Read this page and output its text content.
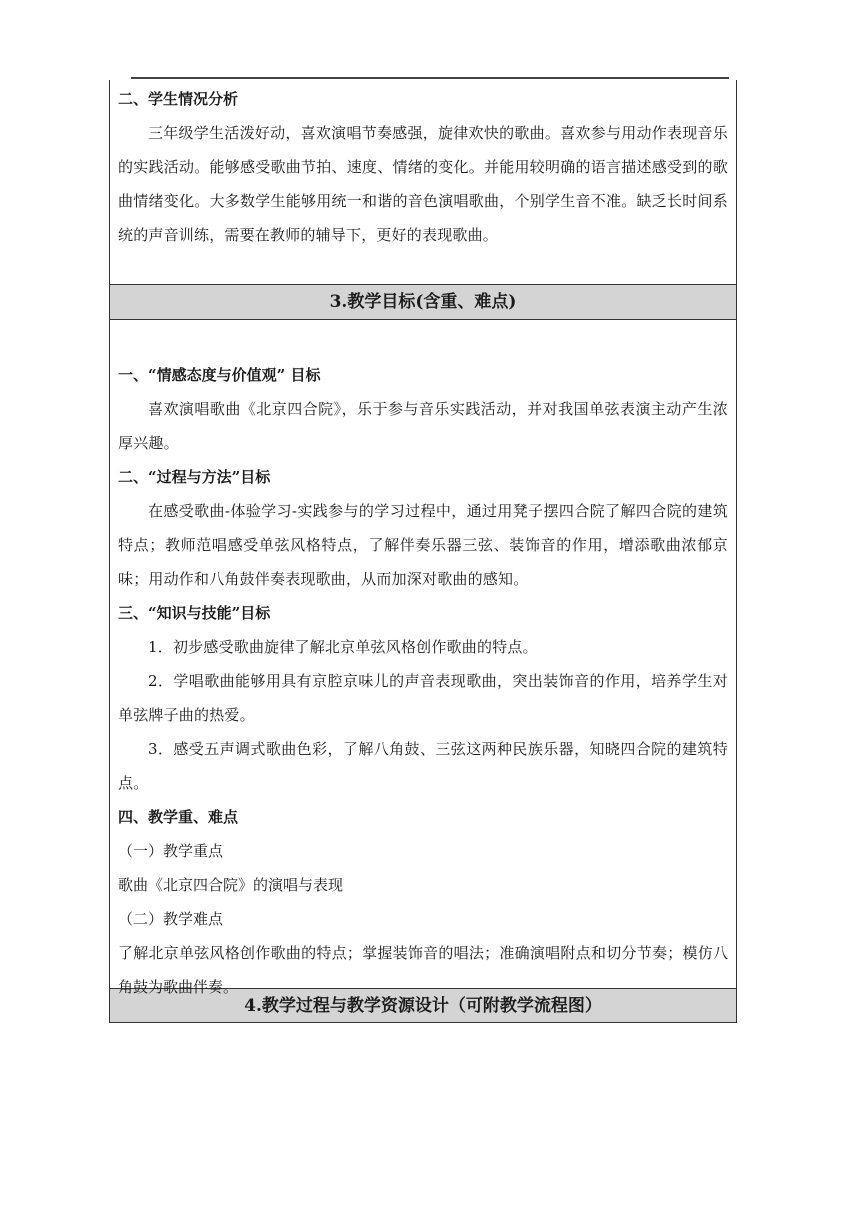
二、学生情况分析
三年级学生活泼好动，喜欢演唱节奏感强，旋律欢快的歌曲。喜欢参与用动作表现音乐的实践活动。能够感受歌曲节拍、速度、情绪的变化。并能用较明确的语言描述感受到的歌曲情绪变化。大多数学生能够用统一和谐的音色演唱歌曲，个别学生音不准。缺乏长时间系统的声音训练，需要在教师的辅导下，更好的表现歌曲。
3.教学目标(含重、难点)
一、“情感态度与价值观” 目标
喜欢演唱歌曲《北京四合院》，乐于参与音乐实践活动，并对我国单弦表演主动产生浓厚兴趣。
二、“过程与方法”目标
在感受歌曲-体验学习-实践参与的学习过程中，通过用凳子摆四合院了解四合院的建筑特点；教师范唱感受单弦风格特点，了解伴奏乐器三弦、装饰音的作用，增添歌曲浓郁京味；用动作和八角鼓伴奏表现歌曲，从而加深对歌曲的感知。
三、“知识与技能”目标
1．初步感受歌曲旋律了解北京单弦风格创作歌曲的特点。
2．学唱歌曲能够用具有京腔京味儿的声音表现歌曲，突出装饰音的作用，培养学生对单弦牌子曲的热爱。
3．感受五声调式歌曲色彩，了解八角鼓、三弦这两种民族乐器，知晓四合院的建筑特点。
四、教学重、难点
（一）教学重点
歌曲《北京四合院》的演唱与表现
（二）教学难点
了解北京单弦风格创作歌曲的特点；掌握装饰音的唱法；准确演唱附点和切分节奏；模仿八角鼓为歌曲伴奏。
4.教学过程与教学资源设计（可附教学流程图）
